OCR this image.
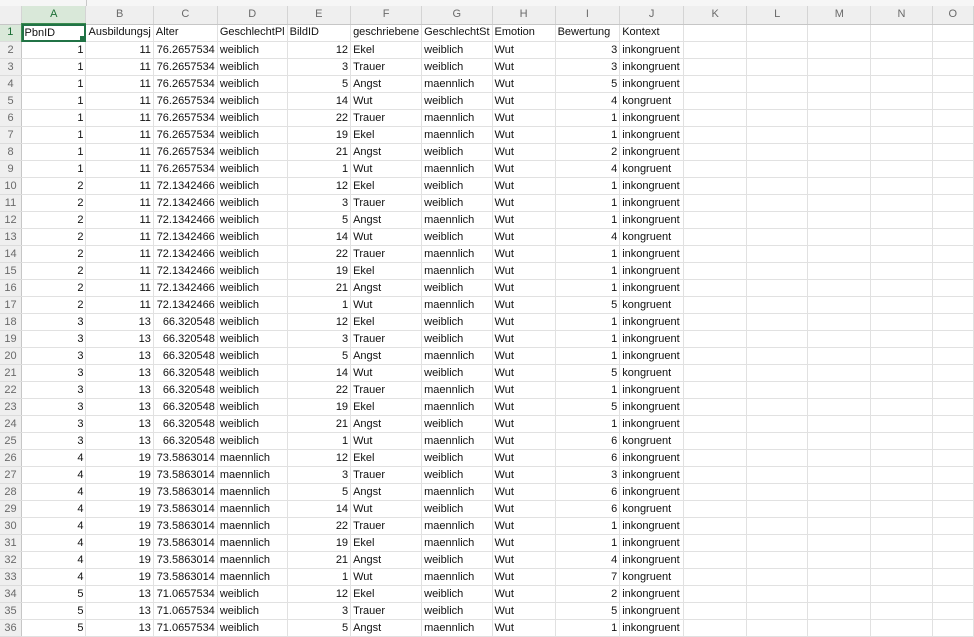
	A	B	C	D	E	F	G	H	I	J	K	L	M	N	O
1	PbnID	Ausbildungsj	Alter	GeschlechtPl	BildID	geschriebene	GeschlechtSt	Emotion	Bewertung	Kontext					
2	1	11	76.2657534	weiblich	12	Ekel	weiblich	Wut	3	inkongruent					
3	1	11	76.2657534	weiblich	3	Trauer	weiblich	Wut	3	inkongruent					
4	1	11	76.2657534	weiblich	5	Angst	maennlich	Wut	5	inkongruent					
5	1	11	76.2657534	weiblich	14	Wut	weiblich	Wut	4	kongruent					
6	1	11	76.2657534	weiblich	22	Trauer	maennlich	Wut	1	inkongruent					
7	1	11	76.2657534	weiblich	19	Ekel	maennlich	Wut	1	inkongruent					
8	1	11	76.2657534	weiblich	21	Angst	weiblich	Wut	2	inkongruent					
9	1	11	76.2657534	weiblich	1	Wut	maennlich	Wut	4	kongruent					
10	2	11	72.1342466	weiblich	12	Ekel	weiblich	Wut	1	inkongruent					
11	2	11	72.1342466	weiblich	3	Trauer	weiblich	Wut	1	inkongruent					
12	2	11	72.1342466	weiblich	5	Angst	maennlich	Wut	1	inkongruent					
13	2	11	72.1342466	weiblich	14	Wut	weiblich	Wut	4	kongruent					
14	2	11	72.1342466	weiblich	22	Trauer	maennlich	Wut	1	inkongruent					
15	2	11	72.1342466	weiblich	19	Ekel	maennlich	Wut	1	inkongruent					
16	2	11	72.1342466	weiblich	21	Angst	weiblich	Wut	1	inkongruent					
17	2	11	72.1342466	weiblich	1	Wut	maennlich	Wut	5	kongruent					
18	3	13	66.320548	weiblich	12	Ekel	weiblich	Wut	1	inkongruent					
19	3	13	66.320548	weiblich	3	Trauer	weiblich	Wut	1	inkongruent					
20	3	13	66.320548	weiblich	5	Angst	maennlich	Wut	1	inkongruent					
21	3	13	66.320548	weiblich	14	Wut	weiblich	Wut	5	kongruent					
22	3	13	66.320548	weiblich	22	Trauer	maennlich	Wut	1	inkongruent					
23	3	13	66.320548	weiblich	19	Ekel	maennlich	Wut	5	inkongruent					
24	3	13	66.320548	weiblich	21	Angst	weiblich	Wut	1	inkongruent					
25	3	13	66.320548	weiblich	1	Wut	maennlich	Wut	6	kongruent					
26	4	19	73.5863014	maennlich	12	Ekel	weiblich	Wut	6	inkongruent					
27	4	19	73.5863014	maennlich	3	Trauer	weiblich	Wut	3	inkongruent					
28	4	19	73.5863014	maennlich	5	Angst	maennlich	Wut	6	inkongruent					
29	4	19	73.5863014	maennlich	14	Wut	weiblich	Wut	6	kongruent					
30	4	19	73.5863014	maennlich	22	Trauer	maennlich	Wut	1	inkongruent					
31	4	19	73.5863014	maennlich	19	Ekel	maennlich	Wut	1	inkongruent					
32	4	19	73.5863014	maennlich	21	Angst	weiblich	Wut	4	inkongruent					
33	4	19	73.5863014	maennlich	1	Wut	maennlich	Wut	7	kongruent					
34	5	13	71.0657534	weiblich	12	Ekel	weiblich	Wut	2	inkongruent					
35	5	13	71.0657534	weiblich	3	Trauer	weiblich	Wut	5	inkongruent					
36	5	13	71.0657534	weiblich	5	Angst	maennlich	Wut	1	inkongruent					
